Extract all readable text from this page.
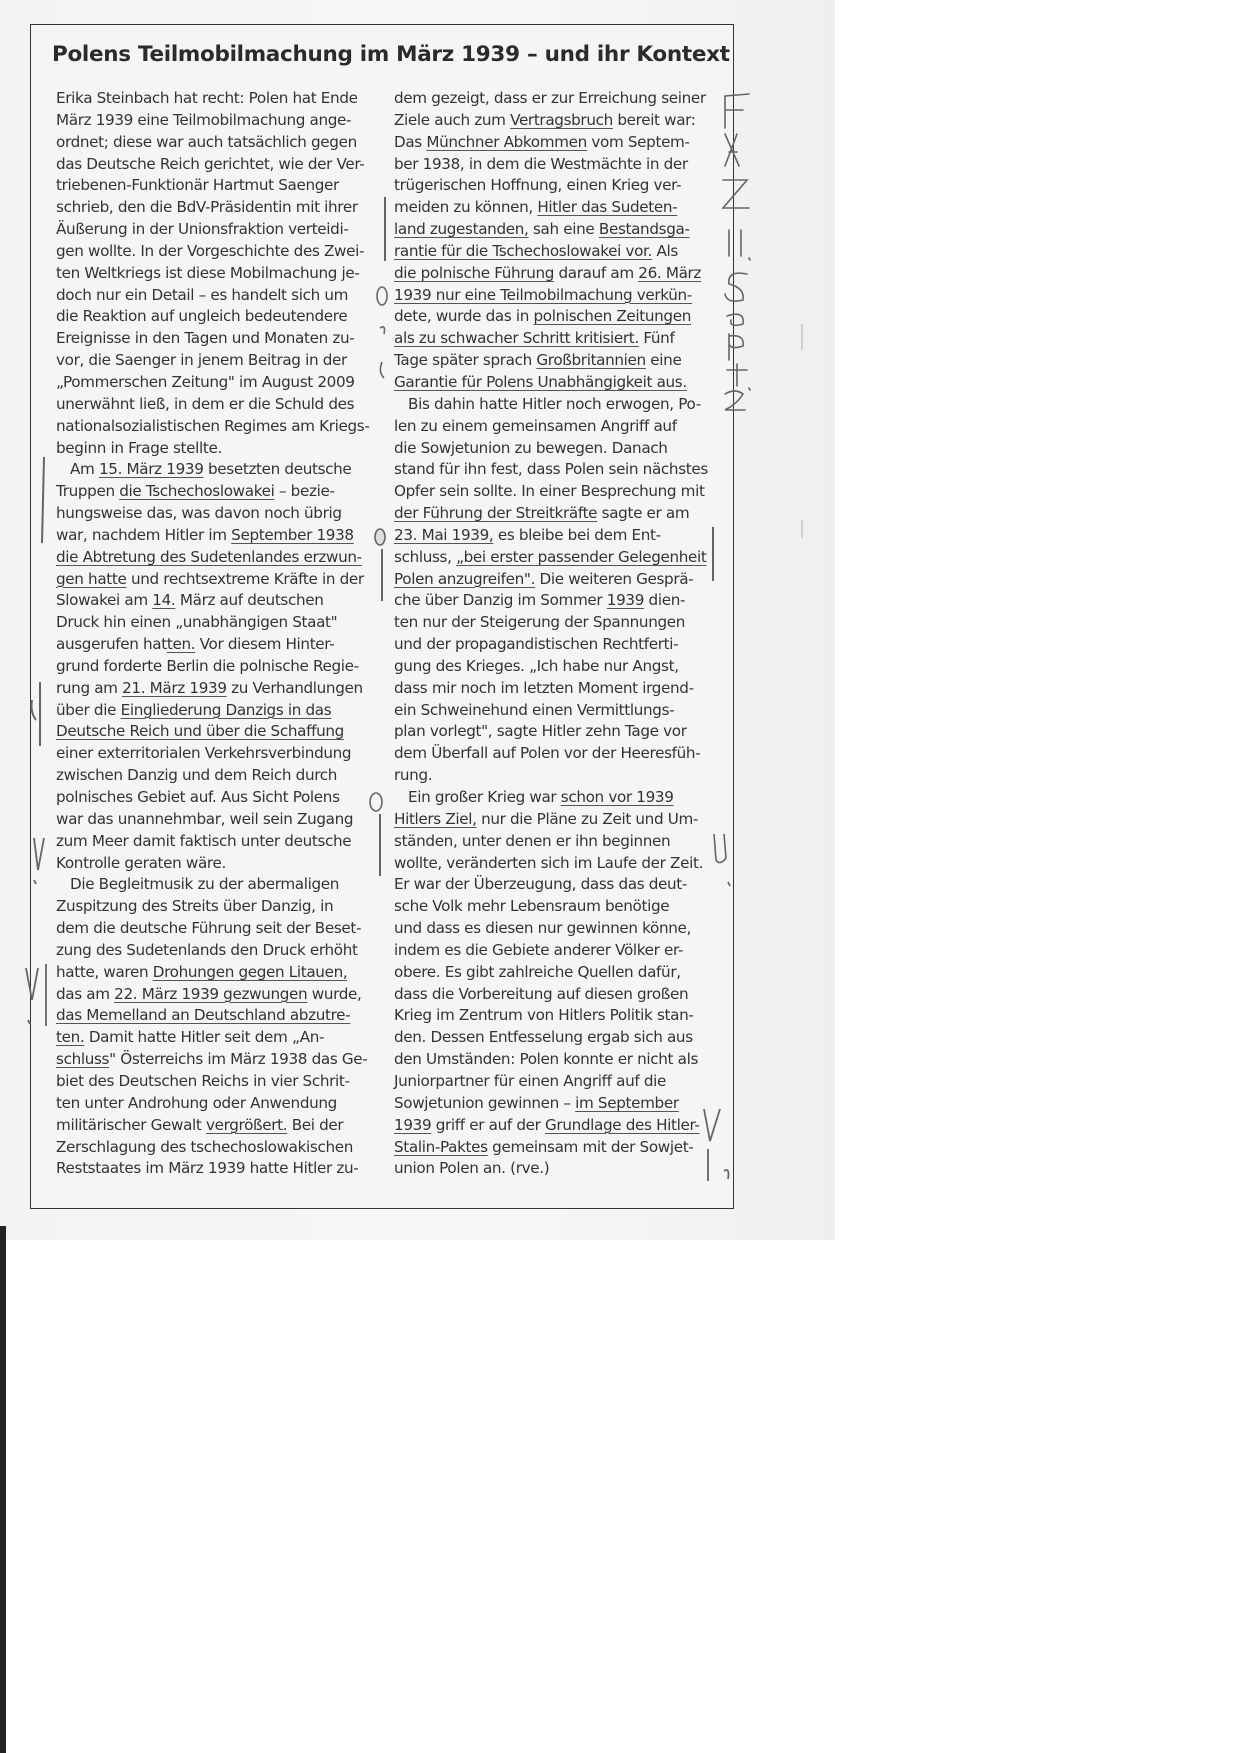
Polens Teilmobilmachung im März 1939 – und ihr Kontext
Erika Steinbach hat recht: Polen hat Ende
März 1939 eine Teilmobilmachung ange-
ordnet; diese war auch tatsächlich gegen
das Deutsche Reich gerichtet, wie der Ver-
triebenen-Funktionär Hartmut Saenger
schrieb, den die BdV-Präsidentin mit ihrer
Äußerung in der Unionsfraktion verteidi-
gen wollte. In der Vorgeschichte des Zwei-
ten Weltkriegs ist diese Mobilmachung je-
doch nur ein Detail – es handelt sich um
die Reaktion auf ungleich bedeutendere
Ereignisse in den Tagen und Monaten zu-
vor, die Saenger in jenem Beitrag in der
„Pommerschen Zeitung" im August 2009
unerwähnt ließ, in dem er die Schuld des
nationalsozialistischen Regimes am Kriegs-
beginn in Frage stellte.
Am 15. März 1939 besetzten deutsche
Truppen die Tschechoslowakei – bezie-
hungsweise das, was davon noch übrig
war, nachdem Hitler im September 1938
die Abtretung des Sudetenlandes erzwun-
gen hatte und rechtsextreme Kräfte in der
Slowakei am 14. März auf deutschen
Druck hin einen „unabhängigen Staat"
ausgerufen hatten. Vor diesem Hinter-
grund forderte Berlin die polnische Regie-
rung am 21. März 1939 zu Verhandlungen
über die Eingliederung Danzigs in das
Deutsche Reich und über die Schaffung
einer exterritorialen Verkehrsverbindung
zwischen Danzig und dem Reich durch
polnisches Gebiet auf. Aus Sicht Polens
war das unannehmbar, weil sein Zugang
zum Meer damit faktisch unter deutsche
Kontrolle geraten wäre.
Die Begleitmusik zu der abermaligen
Zuspitzung des Streits über Danzig, in
dem die deutsche Führung seit der Beset-
zung des Sudetenlands den Druck erhöht
hatte, waren Drohungen gegen Litauen,
das am 22. März 1939 gezwungen wurde,
das Memelland an Deutschland abzutre-
ten. Damit hatte Hitler seit dem „An-
schluss" Österreichs im März 1938 das Ge-
biet des Deutschen Reichs in vier Schrit-
ten unter Androhung oder Anwendung
militärischer Gewalt vergrößert. Bei der
Zerschlagung des tschechoslowakischen
Reststaates im März 1939 hatte Hitler zu-
dem gezeigt, dass er zur Erreichung seiner
Ziele auch zum Vertragsbruch bereit war:
Das Münchner Abkommen vom Septem-
ber 1938, in dem die Westmächte in der
trügerischen Hoffnung, einen Krieg ver-
meiden zu können, Hitler das Sudeten-
land zugestanden, sah eine Bestandsga-
rantie für die Tschechoslowakei vor. Als
die polnische Führung darauf am 26. März
1939 nur eine Teilmobilmachung verkün-
dete, wurde das in polnischen Zeitungen
als zu schwacher Schritt kritisiert. Fünf
Tage später sprach Großbritannien eine
Garantie für Polens Unabhängigkeit aus.
Bis dahin hatte Hitler noch erwogen, Po-
len zu einem gemeinsamen Angriff auf
die Sowjetunion zu bewegen. Danach
stand für ihn fest, dass Polen sein nächstes
Opfer sein sollte. In einer Besprechung mit
der Führung der Streitkräfte sagte er am
23. Mai 1939, es bleibe bei dem Ent-
schluss, „bei erster passender Gelegenheit
Polen anzugreifen". Die weiteren Gesprä-
che über Danzig im Sommer 1939 dien-
ten nur der Steigerung der Spannungen
und der propagandistischen Rechtferti-
gung des Krieges. „Ich habe nur Angst,
dass mir noch im letzten Moment irgend-
ein Schweinehund einen Vermittlungs-
plan vorlegt", sagte Hitler zehn Tage vor
dem Überfall auf Polen vor der Heeresfüh-
rung.
Ein großer Krieg war schon vor 1939
Hitlers Ziel, nur die Pläne zu Zeit und Um-
ständen, unter denen er ihn beginnen
wollte, veränderten sich im Laufe der Zeit.
Er war der Überzeugung, dass das deut-
sche Volk mehr Lebensraum benötige
und dass es diesen nur gewinnen könne,
indem es die Gebiete anderer Völker er-
obere. Es gibt zahlreiche Quellen dafür,
dass die Vorbereitung auf diesen großen
Krieg im Zentrum von Hitlers Politik stan-
den. Dessen Entfesselung ergab sich aus
den Umständen: Polen konnte er nicht als
Juniorpartner für einen Angriff auf die
Sowjetunion gewinnen – im September
1939 griff er auf der Grundlage des Hitler-
Stalin-Paktes gemeinsam mit der Sowjet-
union Polen an. (rve.)
